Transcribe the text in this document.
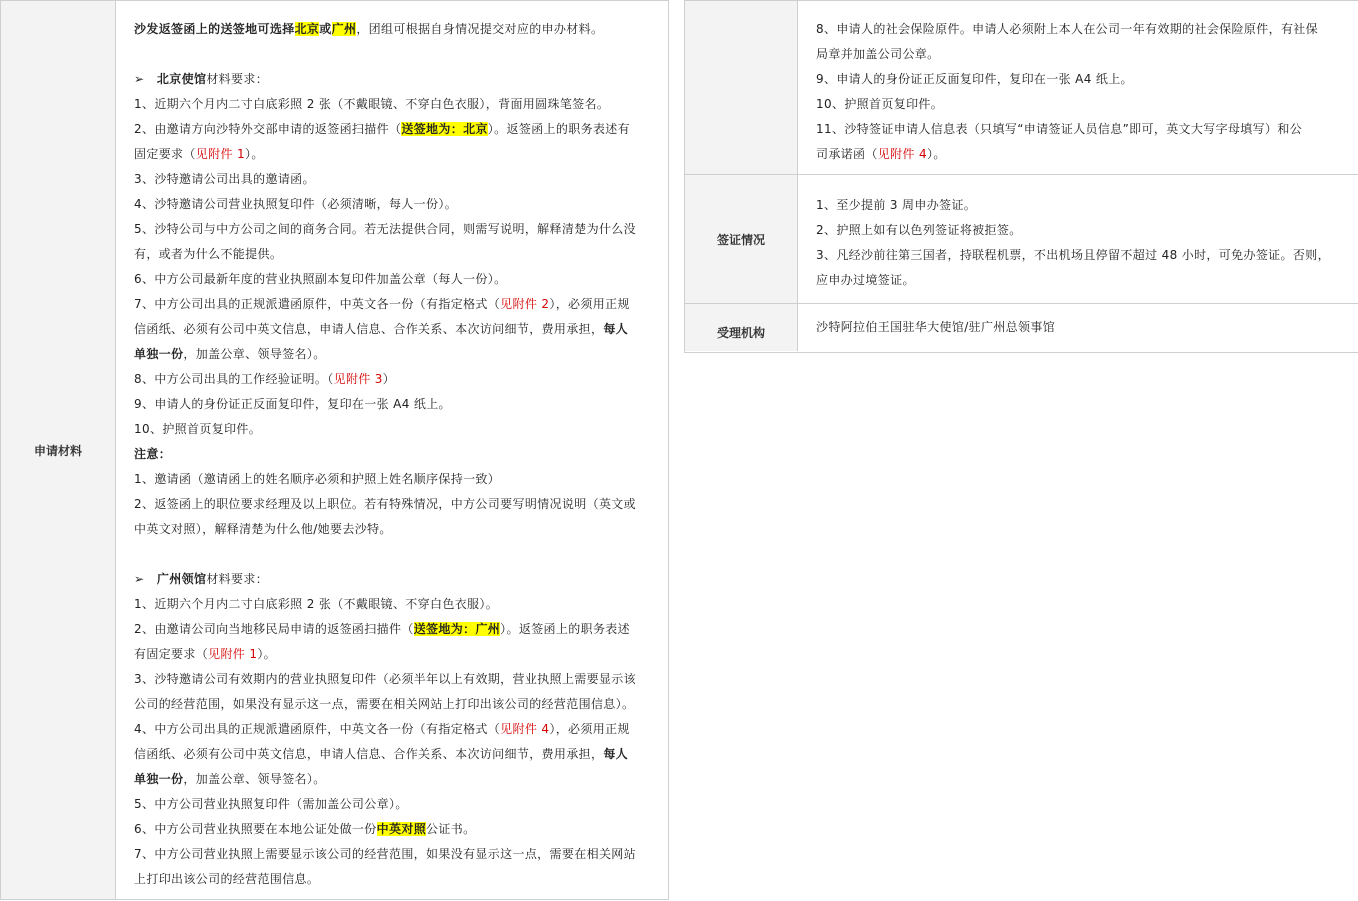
申请材料
沙发返签函上的送签地可选择北京或广州，团组可根据自身情况提交对应的申办材料。
➢ 北京使馆材料要求：
1、近期六个月内二寸白底彩照 2 张（不戴眼镜、不穿白色衣服），背面用圆珠笔签名。
2、由邀请方向沙特外交部申请的返签函扫描件（送签地为：北京）。返签函上的职务表述有
固定要求（见附件 1）。
3、沙特邀请公司出具的邀请函。
4、沙特邀请公司营业执照复印件（必须清晰，每人一份）。
5、沙特公司与中方公司之间的商务合同。若无法提供合同，则需写说明，解释清楚为什么没
有，或者为什么不能提供。
6、中方公司最新年度的营业执照副本复印件加盖公章（每人一份）。
7、中方公司出具的正规派遣函原件，中英文各一份（有指定格式（见附件 2），必须用正规
信函纸、必须有公司中英文信息，申请人信息、合作关系、本次访问细节，费用承担，每人
单独一份，加盖公章、领导签名）。
8、中方公司出具的工作经验证明。（见附件 3）
9、申请人的身份证正反面复印件，复印在一张 A4 纸上。
10、护照首页复印件。
注意：
1、邀请函（邀请函上的姓名顺序必须和护照上姓名顺序保持一致）
2、返签函上的职位要求经理及以上职位。若有特殊情况，中方公司要写明情况说明（英文或
中英文对照），解释清楚为什么他/她要去沙特。
➢ 广州领馆材料要求：
1、近期六个月内二寸白底彩照 2 张（不戴眼镜、不穿白色衣服）。
2、由邀请公司向当地移民局申请的返签函扫描件（送签地为：广州）。返签函上的职务表述
有固定要求（见附件 1）。
3、沙特邀请公司有效期内的营业执照复印件（必须半年以上有效期，营业执照上需要显示该
公司的经营范围，如果没有显示这一点，需要在相关网站上打印出该公司的经营范围信息）。
4、中方公司出具的正规派遣函原件，中英文各一份（有指定格式（见附件 4），必须用正规
信函纸、必须有公司中英文信息，申请人信息、合作关系、本次访问细节，费用承担，每人
单独一份，加盖公章、领导签名）。
5、中方公司营业执照复印件（需加盖公司公章）。
6、中方公司营业执照要在本地公证处做一份中英对照公证书。
7、中方公司营业执照上需要显示该公司的经营范围，如果没有显示这一点，需要在相关网站
上打印出该公司的经营范围信息。
8、申请人的社会保险原件。申请人必须附上本人在公司一年有效期的社会保险原件，有社保
局章并加盖公司公章。
9、申请人的身份证正反面复印件，复印在一张 A4 纸上。
10、护照首页复印件。
11、沙特签证申请人信息表（只填写“申请签证人员信息”即可，英文大写字母填写）和公
司承诺函（见附件 4）。
签证情况
1、至少提前 3 周申办签证。
2、护照上如有以色列签证将被拒签。
3、凡经沙前往第三国者，持联程机票，不出机场且停留不超过 48 小时，可免办签证。否则，
应申办过境签证。
受理机构	沙特阿拉伯王国驻华大使馆/驻广州总领事馆
